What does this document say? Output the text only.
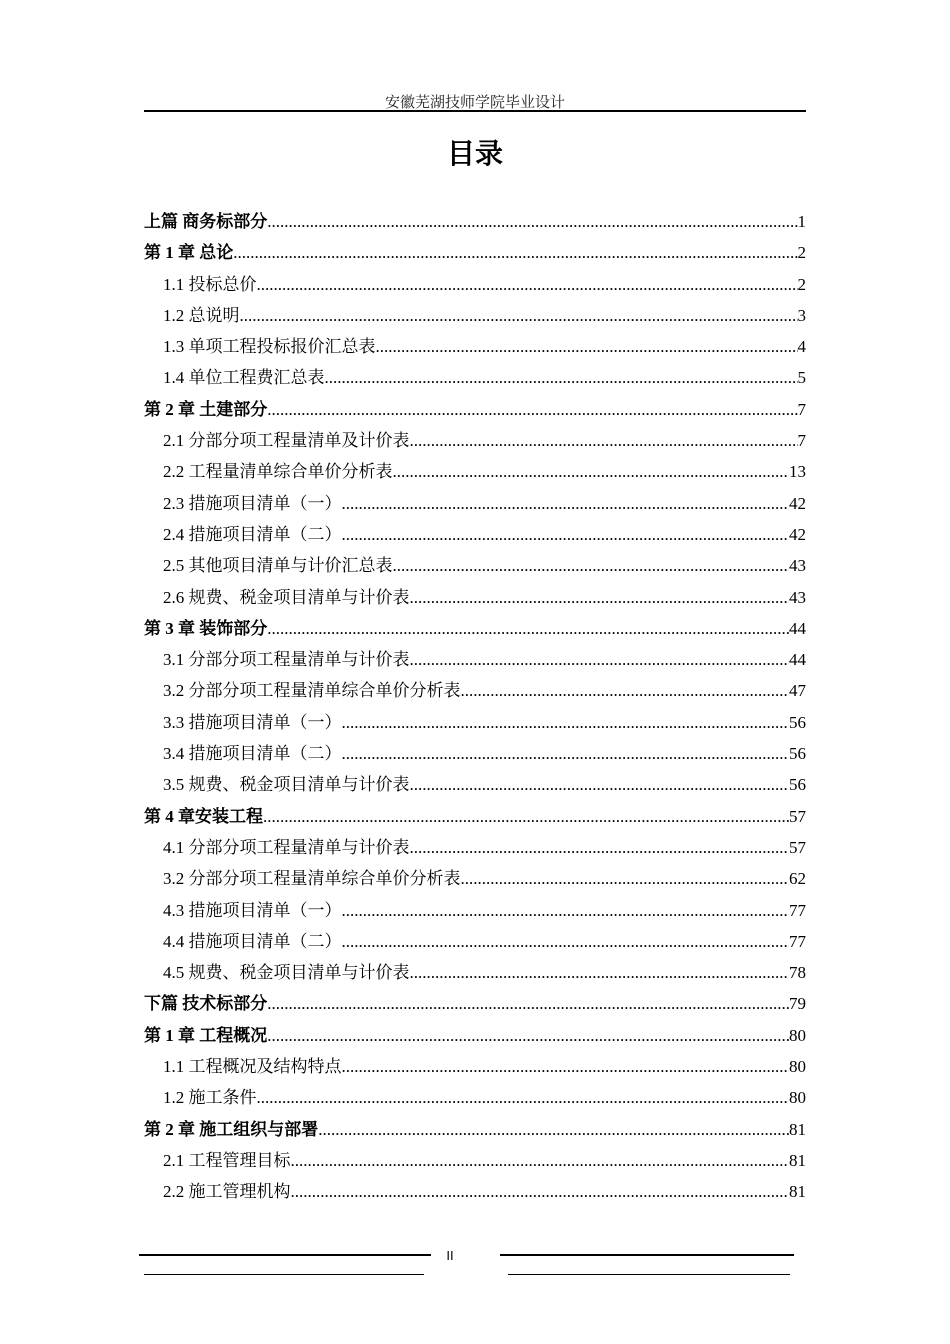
安徽芜湖技师学院毕业设计
目录
上篇 商务标部分 .....	1
第 1 章 总论 .....	2
1.1 投标总价 .....	2
1.2 总说明 .....	3
1.3 单项工程投标报价汇总表 .....	4
1.4 单位工程费汇总表 .....	5
第 2 章 土建部分 .....	7
2.1 分部分项工程量清单及计价表 .....	7
2.2 工程量清单综合单价分析表 .....	13
2.3 措施项目清单（一） .....	42
2.4 措施项目清单（二） .....	42
2.5 其他项目清单与计价汇总表 .....	43
2.6 规费、税金项目清单与计价表 .....	43
第 3 章 装饰部分 .....	44
3.1 分部分项工程量清单与计价表 .....	44
3.2 分部分项工程量清单综合单价分析表 .....	47
3.3 措施项目清单（一） .....	56
3.4 措施项目清单（二） .....	56
3.5 规费、税金项目清单与计价表 .....	56
第 4 章安装工程 .....	57
4.1 分部分项工程量清单与计价表 .....	57
3.2 分部分项工程量清单综合单价分析表 .....	62
4.3 措施项目清单（一） .....	77
4.4 措施项目清单（二） .....	77
4.5 规费、税金项目清单与计价表 .....	78
下篇 技术标部分 .....	79
第 1 章 工程概况 .....	80
1.1 工程概况及结构特点 .....	80
1.2 施工条件 .....	80
第 2 章 施工组织与部署 .....	81
2.1 工程管理目标 .....	81
2.2 施工管理机构 .....	81
II
